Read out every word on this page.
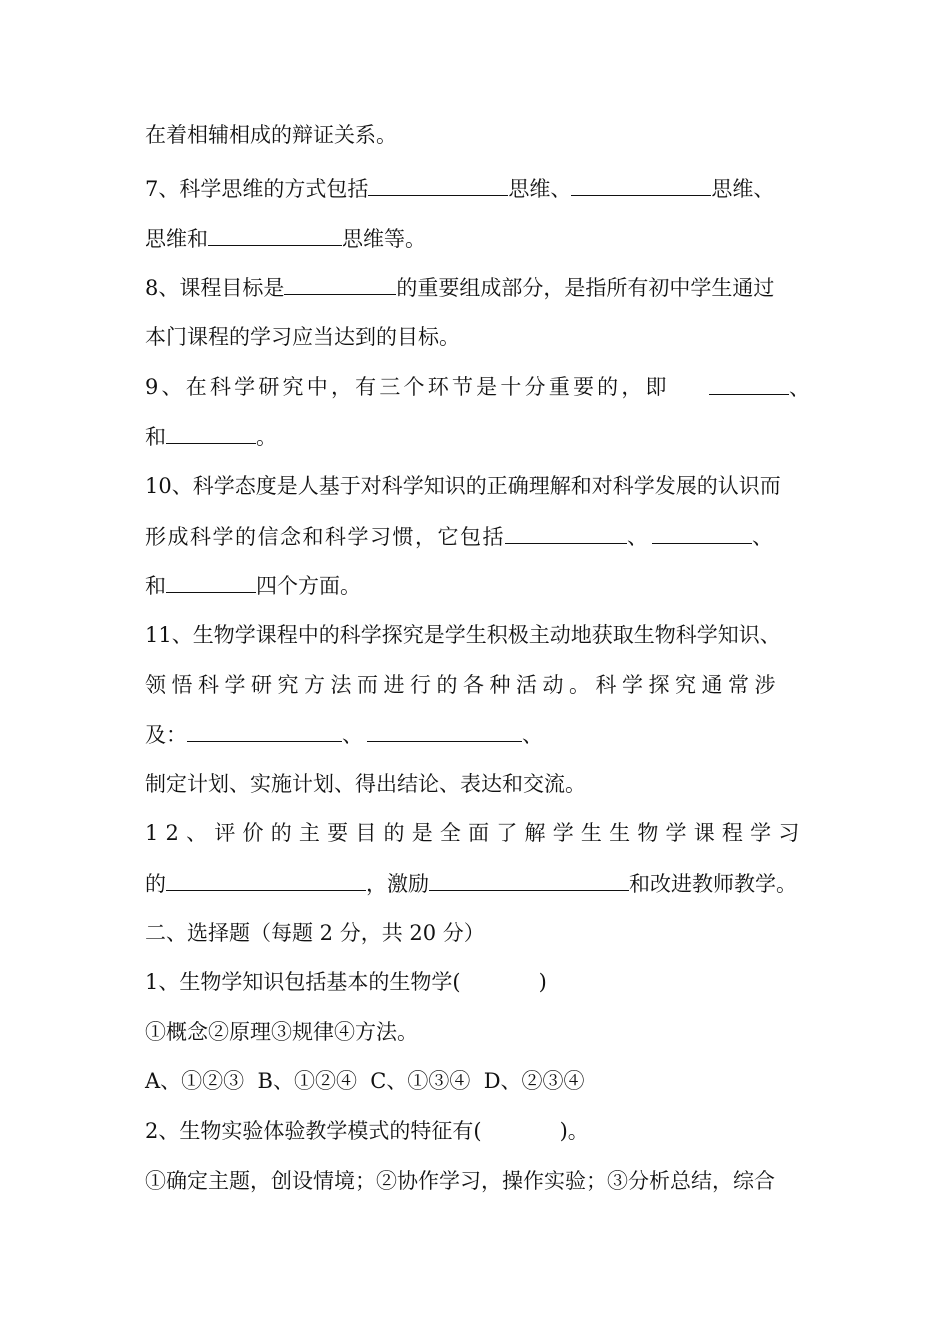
在着相辅相成的辩证关系。
7、科学思维的方式包括	思维、	思维、
思维和	思维等。
8、课程目标是	的重要组成部分，是指所有初中学生通过
本门课程的学习应当达到的目标。
9、在科学研究中，有三个环节是十分重要的，即	、
和	。
10、科学态度是人基于对科学知识的正确理解和对科学发展的认识而
形成科学的信念和科学习惯，它包括	、	、
和	四个方面。
11、生物学课程中的科学探究是学生积极主动地获取生物科学知识、
领悟科学研究方法而进行的各种活动。科学探究通常涉
及：	、	、
制定计划、实施计划、得出结论、表达和交流。
12、评价的主要目的是全面了解学生生物学课程学习
的	，激励	和改进教师教学。
二、选择题（每题 2 分，共 20 分）
1、生物学知识包括基本的生物学(	)
①概念②原理③规律④方法。
A、①②③  B、①②④  C、①③④  D、②③④
2、生物实验体验教学模式的特征有(	)。
①确定主题，创设情境；②协作学习，操作实验；③分析总结，综合
